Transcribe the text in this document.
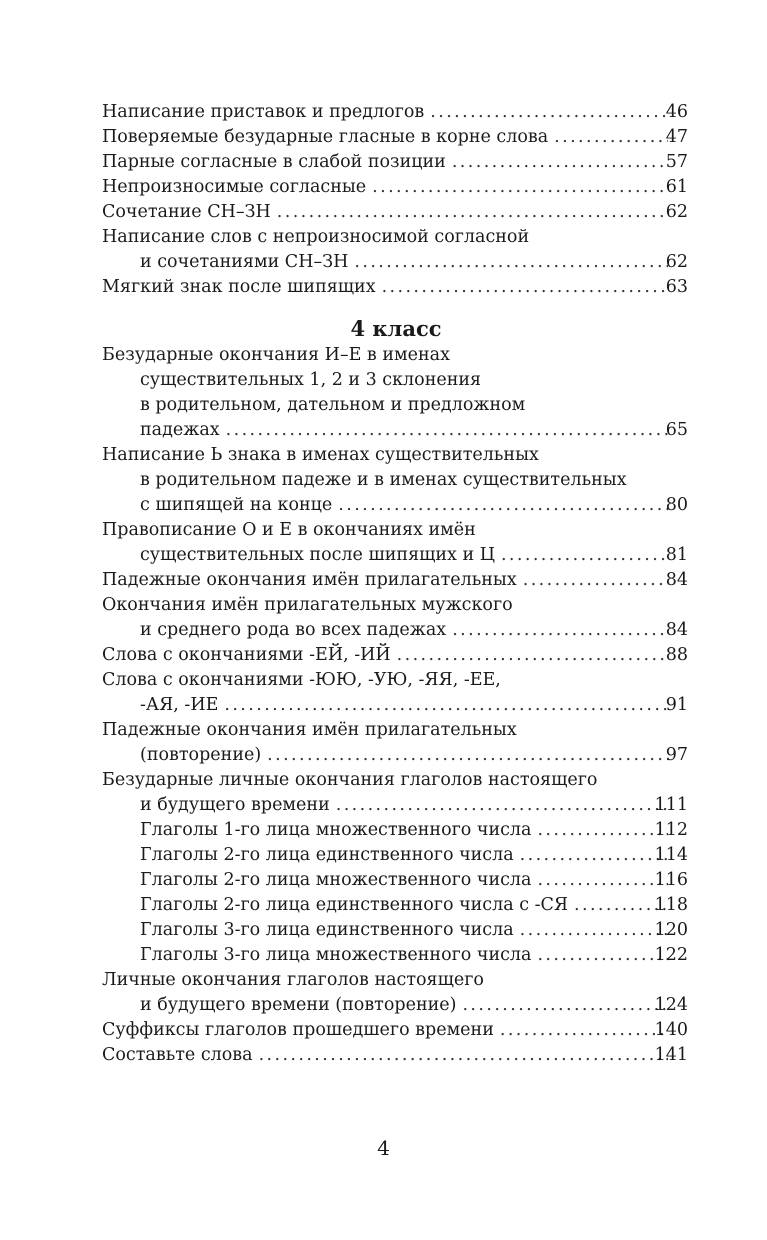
Написание приставок и предлогов .....	46
Поверяемые безударные гласные в корне слова .....	47
Парные согласные в слабой позиции .....	57
Непроизносимые согласные .....	61
Сочетание СН–ЗН .....	62
Написание слов с непроизносимой согласной
и сочетаниями СН–ЗН .....	62
Мягкий знак после шипящих .....	63
4 класс
Безударные окончания И–Е в именах
существительных 1, 2 и 3 склонения
в родительном, дательном и предложном
падежах .....	65
Написание Ь знака в именах существительных
в родительном падеже и в именах существительных
с шипящей на конце .....	80
Правописание О и Е в окончаниях имён
существительных после шипящих и Ц .....	81
Падежные окончания имён прилагательных .....	84
Окончания имён прилагательных мужского
и среднего рода во всех падежах .....	84
Слова с окончаниями -ЕЙ, -ИЙ .....	88
Слова с окончаниями -ЮЮ, -УЮ, -ЯЯ, -ЕЕ,
-АЯ, -ИЕ .....	91
Падежные окончания имён прилагательных
(повторение) .....	97
Безударные личные окончания глаголов настоящего
и будущего времени .....	111
Глаголы 1-го лица множественного числа .....	112
Глаголы 2-го лица единственного числа .....	114
Глаголы 2-го лица множественного числа .....	116
Глаголы 2-го лица единственного числа с -СЯ .....	118
Глаголы 3-го лица единственного числа .....	120
Глаголы 3-го лица множественного числа .....	122
Личные окончания глаголов настоящего
и будущего времени (повторение) .....	124
Суффиксы глаголов прошедшего времени .....	140
Составьте слова .....	141
4
